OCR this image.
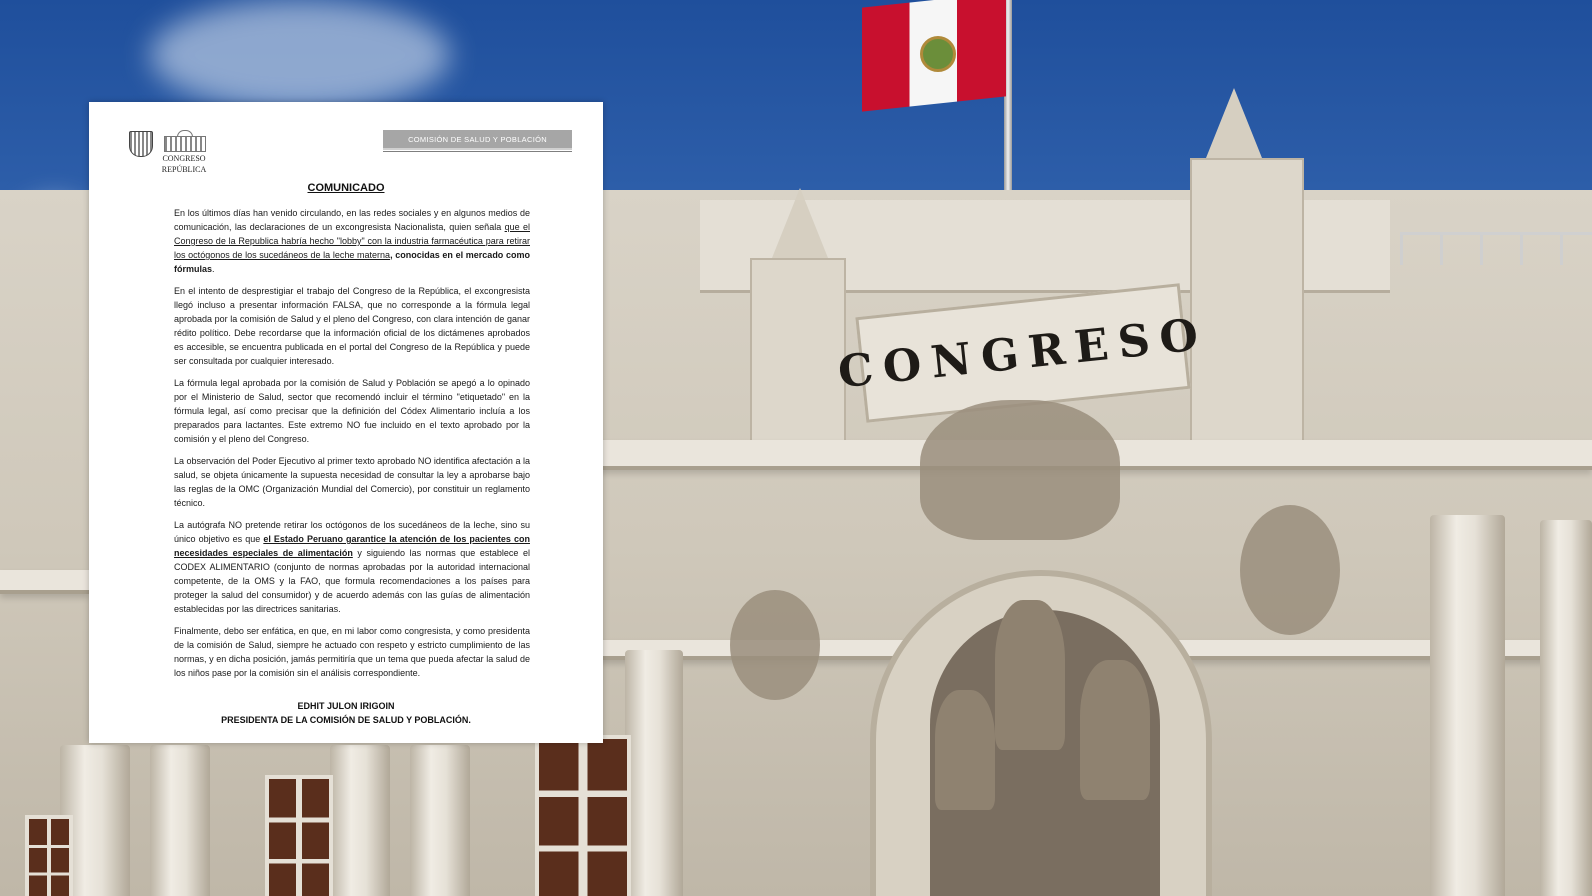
CONGRESO
CONGRESO
REPÚBLICA
COMISIÓN DE SALUD Y POBLACIÓN
COMUNICADO

En los últimos días han venido circulando, en las redes sociales y en algunos medios de comunicación, las declaraciones de un excongresista Nacionalista, quien señala que el Congreso de la Republica habría hecho "lobby" con la industria farmacéutica para retirar los octógonos de los sucedáneos de la leche materna, conocidas en el mercado como fórmulas.

En el intento de desprestigiar el trabajo del Congreso de la República, el excongresista llegó incluso a presentar información FALSA, que no corresponde a la fórmula legal aprobada por la comisión de Salud y el pleno del Congreso, con clara intención de ganar rédito político. Debe recordarse que la información oficial de los dictámenes aprobados es accesible, se encuentra publicada en el portal del Congreso de la República y puede ser consultada por cualquier interesado.

La fórmula legal aprobada por la comisión de Salud y Población se apegó a lo opinado por el Ministerio de Salud, sector que recomendó incluir el término "etiquetado" en la fórmula legal, así como precisar que la definición del Códex Alimentario incluía a los preparados para lactantes. Este extremo NO fue incluido en el texto aprobado por la comisión y el pleno del Congreso.

La observación del Poder Ejecutivo al primer texto aprobado NO identifica afectación a la salud, se objeta únicamente la supuesta necesidad de consultar la ley a aprobarse bajo las reglas de la OMC (Organización Mundial del Comercio), por constituir un reglamento técnico.

La autógrafa NO pretende retirar los octógonos de los sucedáneos de la leche, sino su único objetivo es que el Estado Peruano garantice la atención de los pacientes con necesidades especiales de alimentación y siguiendo las normas que establece el CODEX ALIMENTARIO (conjunto de normas aprobadas por la autoridad internacional competente, de la OMS y la FAO, que formula recomendaciones a los países para proteger la salud del consumidor) y de acuerdo además con las guías de alimentación establecidas por las directrices sanitarias.

Finalmente, debo ser enfática, en que, en mi labor como congresista, y como presidenta de la comisión de Salud, siempre he actuado con respeto y estricto cumplimiento de las normas, y en dicha posición, jamás permitiría que un tema que pueda afectar la salud de los niños pase por la comisión sin el análisis correspondiente.

EDHIT JULON IRIGOIN
PRESIDENTA DE LA COMISIÓN DE SALUD Y POBLACIÓN.
